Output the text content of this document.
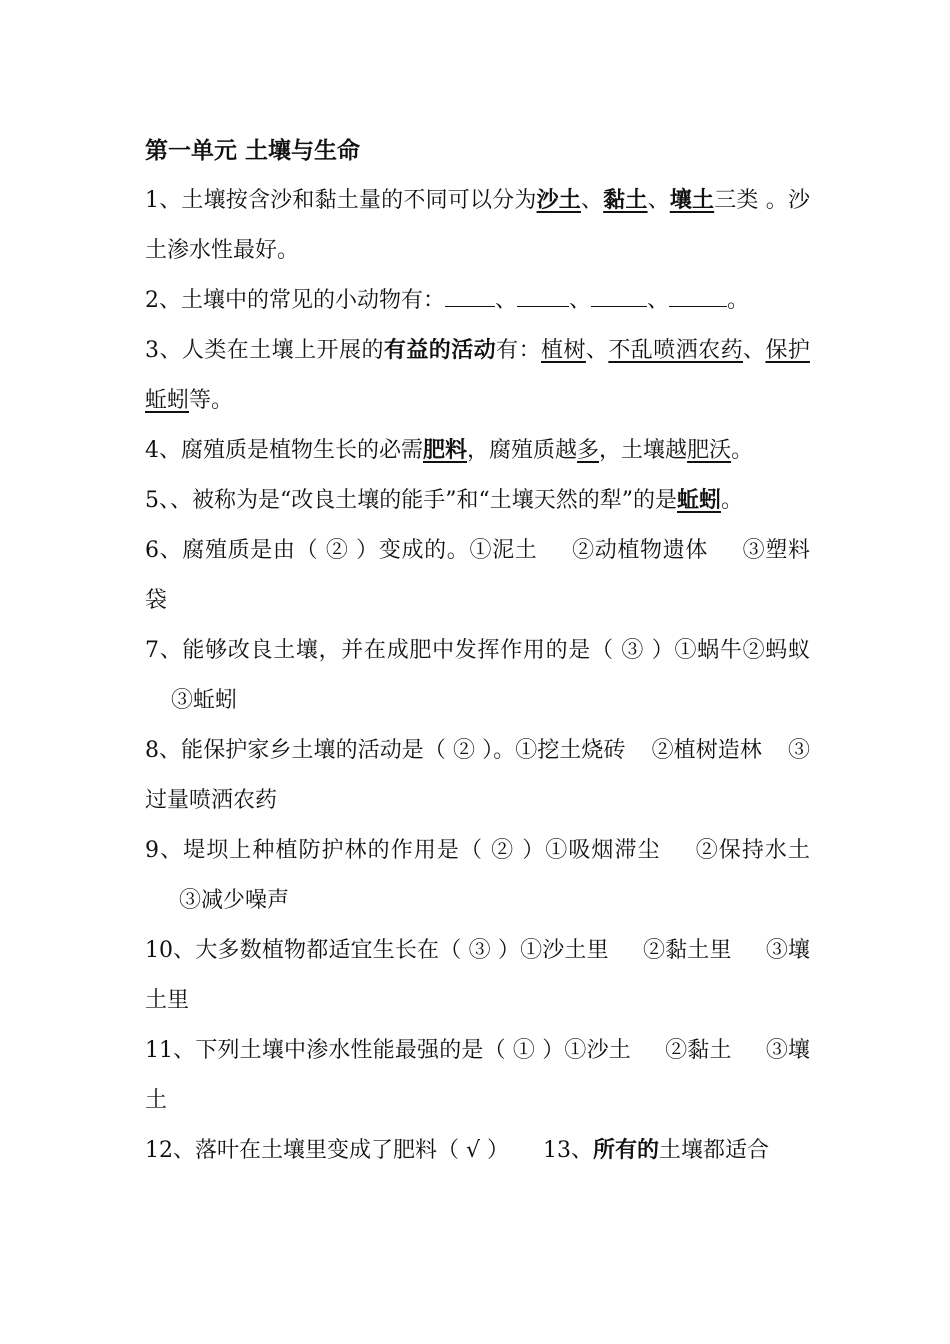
第一单元 土壤与生命

1、土壤按含沙和黏土量的不同可以分为沙土、黏土、壤土三类 。沙土渗水性最好。

2、土壤中的常见的小动物有： 、 、	、	。

3、人类在土壤上开展的有益的活动有：植树、不乱喷洒农药、保护蚯蚓等。

4、腐殖质是植物生长的必需肥料，腐殖质越多，土壤越肥沃。

5、、被称为是“改良土壤的能手”和“土壤天然的犁”的是蚯蚓。

6、腐殖质是由（ ② ）变成的。①泥土 ②动植物遗体 ③塑料袋

7、能够改良土壤，并在成肥中发挥作用的是（ ③ ）①蜗牛②蚂蚁③蚯蚓

8、能保护家乡土壤的活动是（ ② ）。①挖土烧砖 ②植树造林 ③过量喷洒农药

9、堤坝上种植防护林的作用是（ ② ）①吸烟滞尘 ②保持水土③减少噪声

10、大多数植物都适宜生长在（ ③ ）①沙土里 ②黏土里 ③壤土里

11、下列土壤中渗水性能最强的是（ ① ）①沙土 ②黏土 ③壤土

12、落叶在土壤里变成了肥料（ √ ） 13、所有的土壤都适合
